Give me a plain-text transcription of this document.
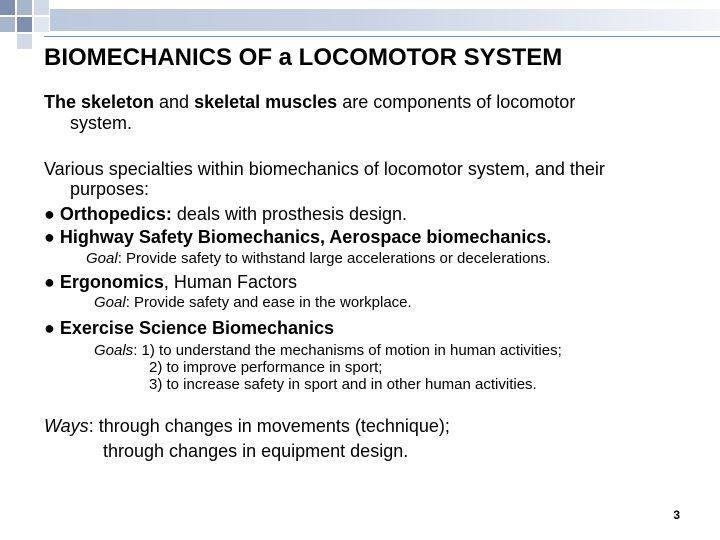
BIOMECHANICS OF a LOCOMOTOR SYSTEM
The skeleton and skeletal muscles are components of locomotor
system.
Various specialties within biomechanics of locomotor system, and their
purposes:
● Orthopedics: deals with prosthesis design.
● Highway Safety Biomechanics, Aerospace biomechanics.
Goal: Provide safety to withstand large accelerations or decelerations.
● Ergonomics, Human Factors
Goal: Provide safety and ease in the workplace.
● Exercise Science Biomechanics
Goals: 1) to understand the mechanisms of motion in human activities;
2) to improve performance in sport;
3) to increase safety in sport and in other human activities.
Ways: through changes in movements (technique);
through changes in equipment design.
3
